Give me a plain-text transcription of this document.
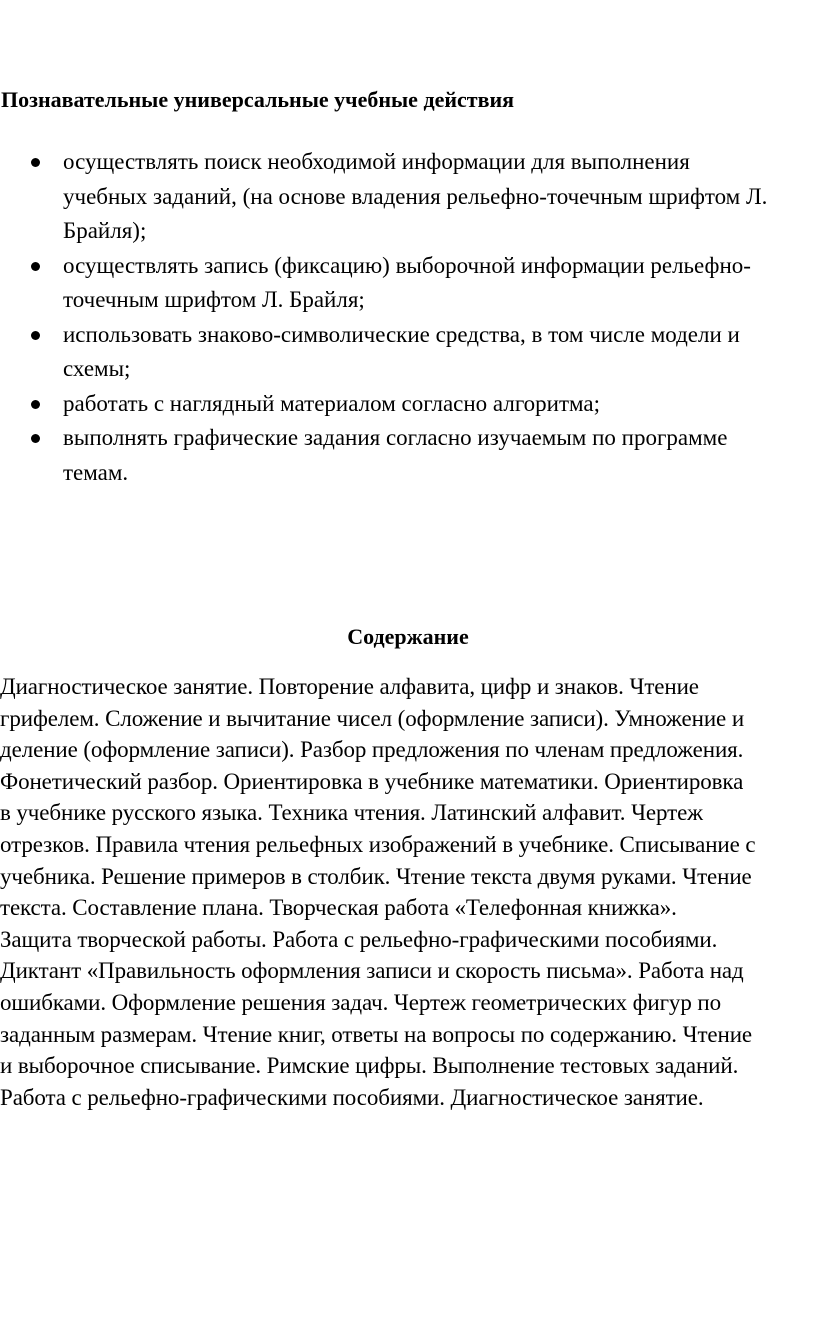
Познавательные универсальные учебные действия
осуществлять поиск необходимой информации для выполнения
учебных заданий, (на основе владения рельефно-точечным шрифтом Л.
Брайля);
осуществлять запись (фиксацию) выборочной информации рельефно-
точечным шрифтом Л. Брайля;
использовать знаково-символические средства, в том числе модели и
схемы;
работать с наглядный материалом согласно алгоритма;
выполнять графические задания согласно изучаемым по программе
темам.
Содержание

Диагностическое занятие. Повторение алфавита, цифр и знаков. Чтение
грифелем. Сложение и вычитание чисел (оформление записи). Умножение и
деление (оформление записи). Разбор предложения по членам предложения.
Фонетический разбор. Ориентировка в учебнике математики. Ориентировка
в учебнике русского языка. Техника чтения. Латинский алфавит. Чертеж
отрезков. Правила чтения рельефных изображений в учебнике. Списывание с
учебника. Решение примеров в столбик. Чтение текста двумя руками. Чтение
текста. Составление плана. Творческая работа «Телефонная книжка».
Защита творческой работы. Работа с рельефно-графическими пособиями.
Диктант «Правильность оформления записи и скорость письма». Работа над
ошибками. Оформление решения задач. Чертеж геометрических фигур по
заданным размерам. Чтение книг, ответы на вопросы по содержанию. Чтение
и выборочное списывание. Римские цифры. Выполнение тестовых заданий.
Работа с рельефно-графическими пособиями. Диагностическое занятие.
